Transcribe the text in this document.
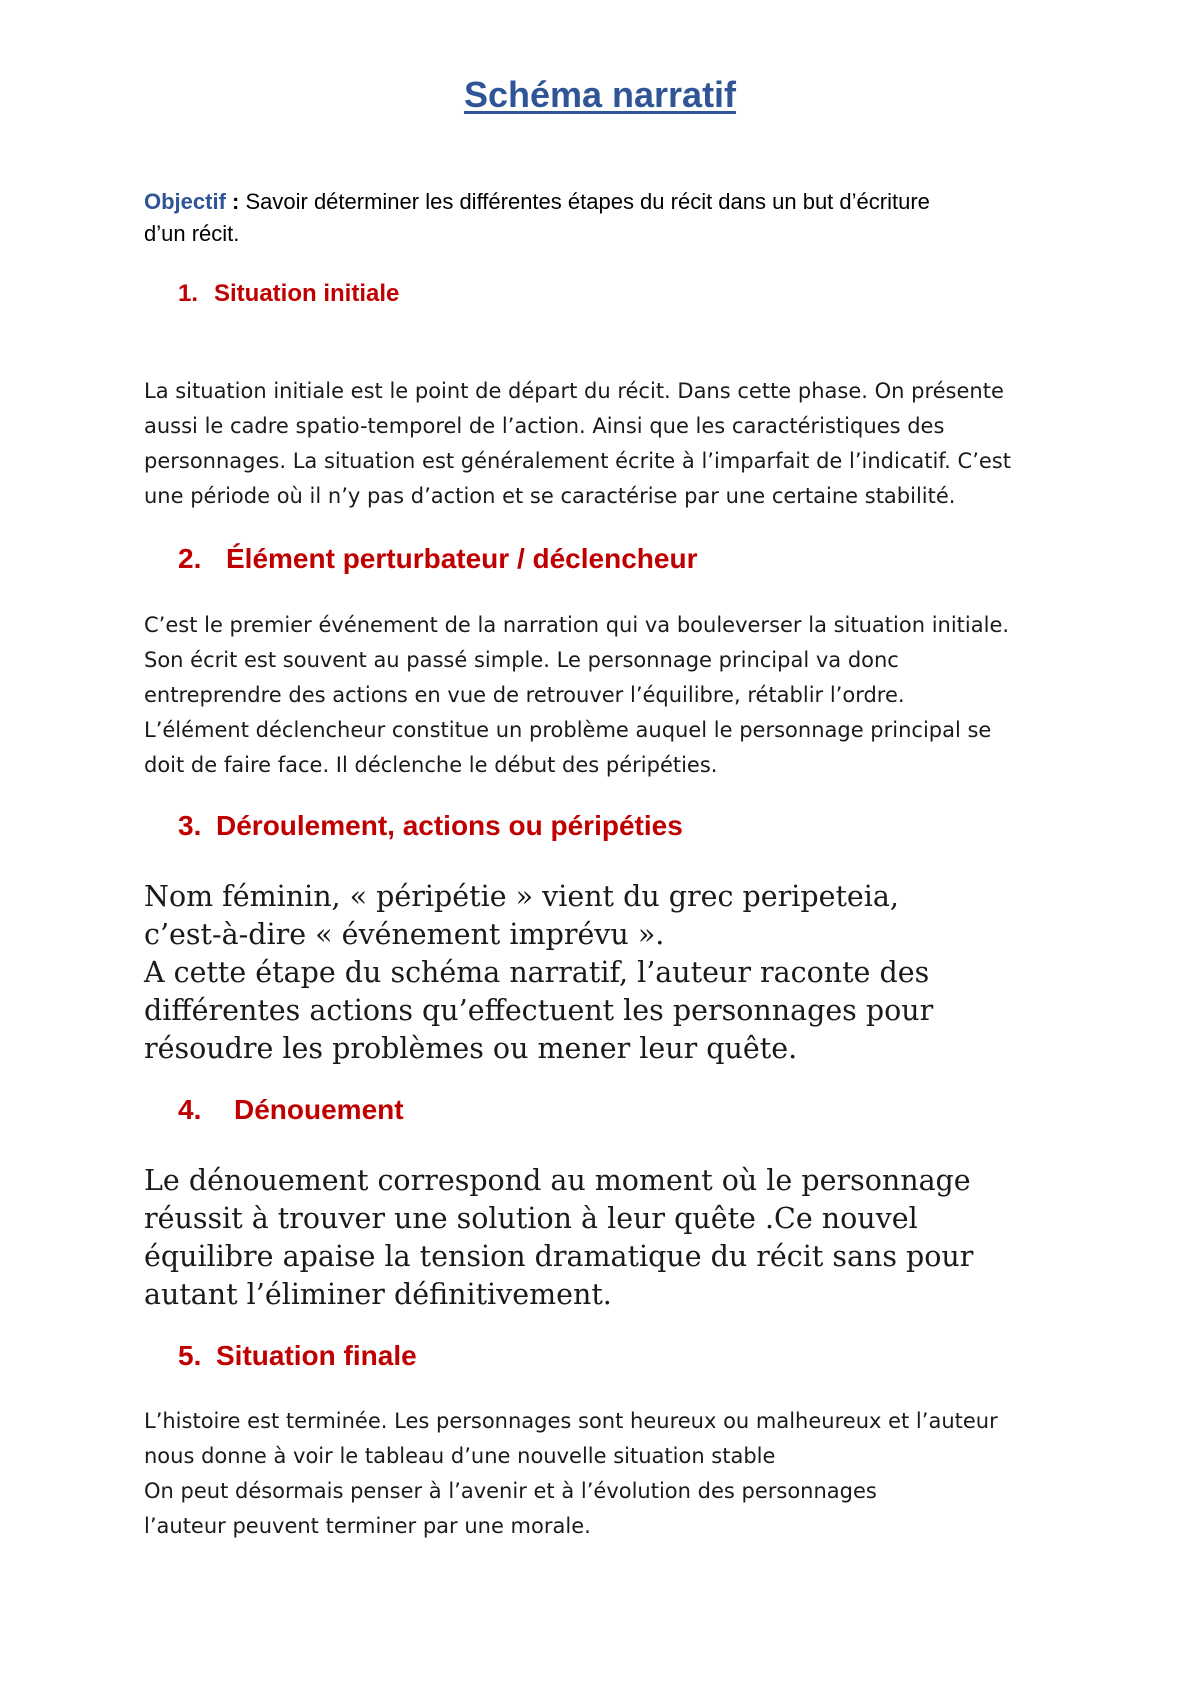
Schéma narratif

Objectif : Savoir déterminer les différentes étapes du récit dans un but d’écriture
d’un récit.

1. Situation initiale

La situation initiale est le point de départ du récit. Dans cette phase. On présente
aussi le cadre spatio-temporel de l’action. Ainsi que les caractéristiques des
personnages. La situation est généralement écrite à l’imparfait de l’indicatif. C’est
une période où il n’y pas d’action et se caractérise par une certaine stabilité.

2. Élément perturbateur / déclencheur

C’est le premier événement de la narration qui va bouleverser la situation initiale.
Son écrit est souvent au passé simple. Le personnage principal va donc
entreprendre des actions en vue de retrouver l’équilibre, rétablir l’ordre.
L’élément déclencheur constitue un problème auquel le personnage principal se
doit de faire face. Il déclenche le début des péripéties.

3. Déroulement, actions ou péripéties

Nom féminin, « péripétie » vient du grec peripeteia,
c’est-à-dire « événement imprévu ».
A cette étape du schéma narratif, l’auteur raconte des
différentes actions qu’effectuent les personnages pour
résoudre les problèmes ou mener leur quête.

4. Dénouement

Le dénouement correspond au moment où le personnage
réussit à trouver une solution à leur quête .Ce nouvel
équilibre apaise la tension dramatique du récit sans pour
autant l’éliminer définitivement.

5. Situation finale

L’histoire est terminée. Les personnages sont heureux ou malheureux et l’auteur
nous donne à voir le tableau d’une nouvelle situation stable
On peut désormais penser à l’avenir et à l’évolution des personnages
l’auteur peuvent terminer par une morale.
